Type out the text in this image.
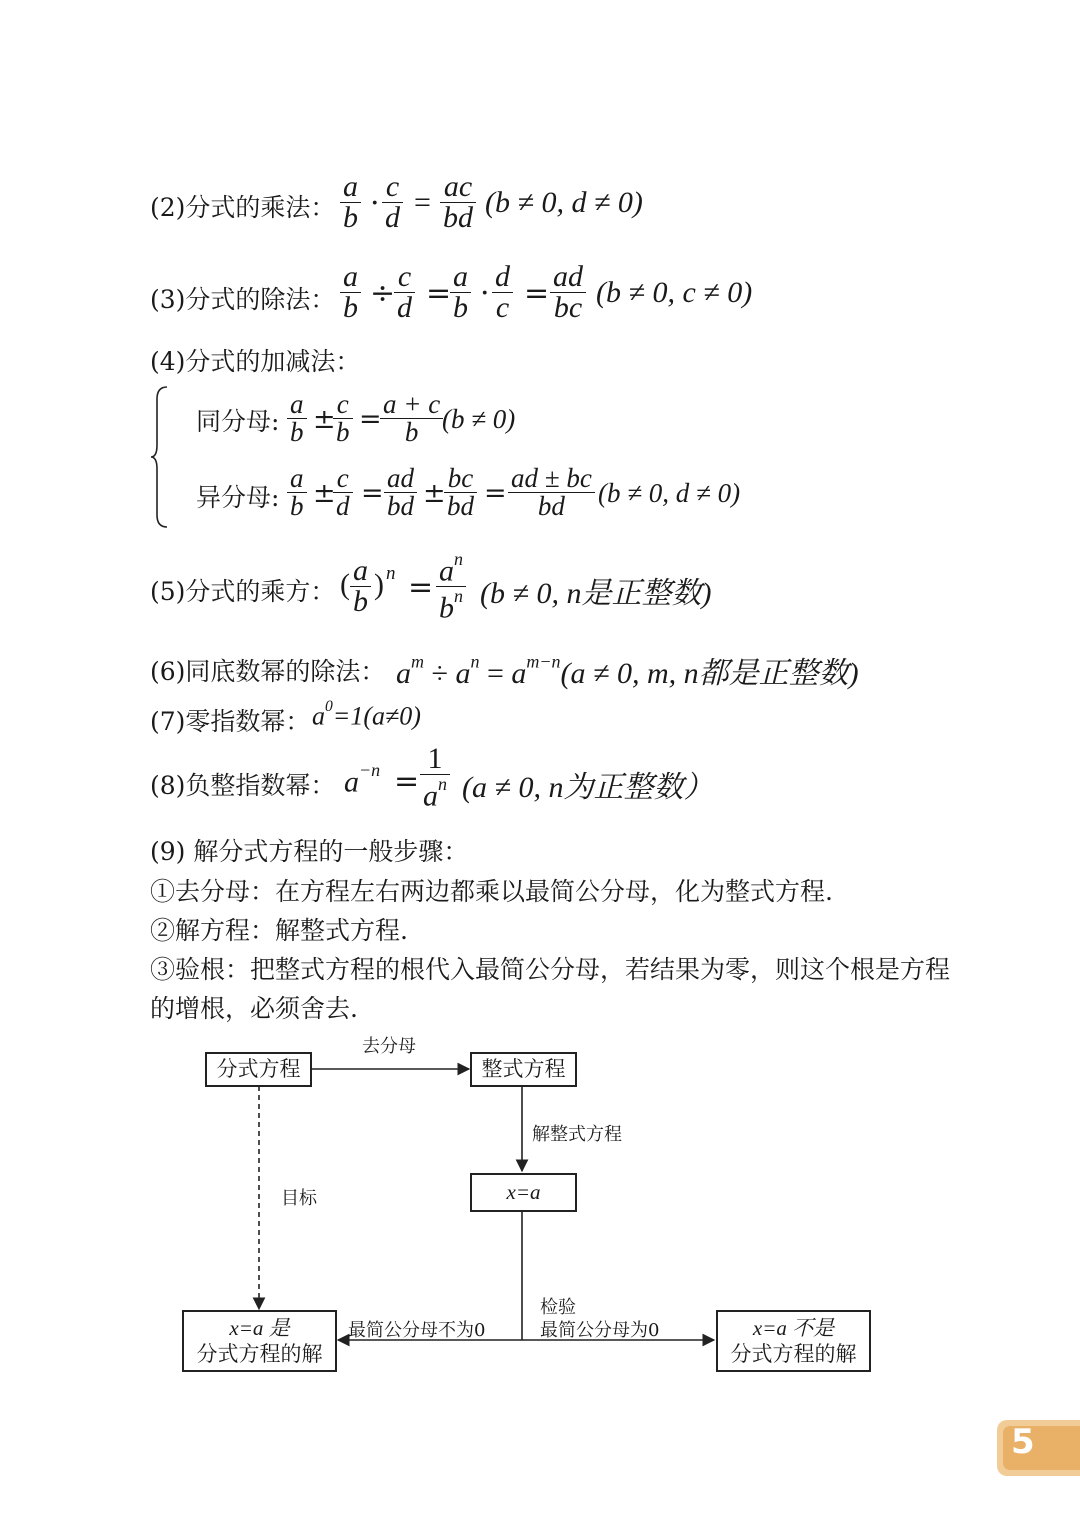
(2)分式的乘法：
a
b · c
d = ac
bd (b ≠ 0, d ≠ 0)
(3)分式的除法：
a
b ÷ c
d = a
b · d
c = ad
bc (b ≠ 0, c ≠ 0)
(4)分式的加减法：
同分母:
a
b ± c
b = a + c
b (b ≠ 0)
异分母:
a
b ± c
d = ad
bd ± bc
bd = ad ± bc
bd (b ≠ 0, d ≠ 0)
(5)分式的乘方： ( a
b
) $n = a^n$
$b^n$ (b ≠ 0, n是正整数)
(6)同底数幂的除法： $a^m \div a^n = a^{m-n}(a \ne 0$, m, n都是正整数)
(7)零指数幂： $a^0=1(a\ne 0)$
(8)负整指数幂： $a^{-n}$ =
1
$a^n$ (a ≠ 0, n为正整数）
(9) 解分式方程的一般步骤：
①去分母：在方程左右两边都乘以最简公分母，化为整式方程.
②解方程：解整式方程.
③验根：把整式方程的根代入最简公分母，若结果为零，则这个根是方程
的增根，必须舍去.
分式方程	整式方程
x=a
x=a 是
分式方程的解
x=a 不是
分式方程的解
去分母
解整式方程
目标
检验
最简公分母不为0	最简公分母为0
5
